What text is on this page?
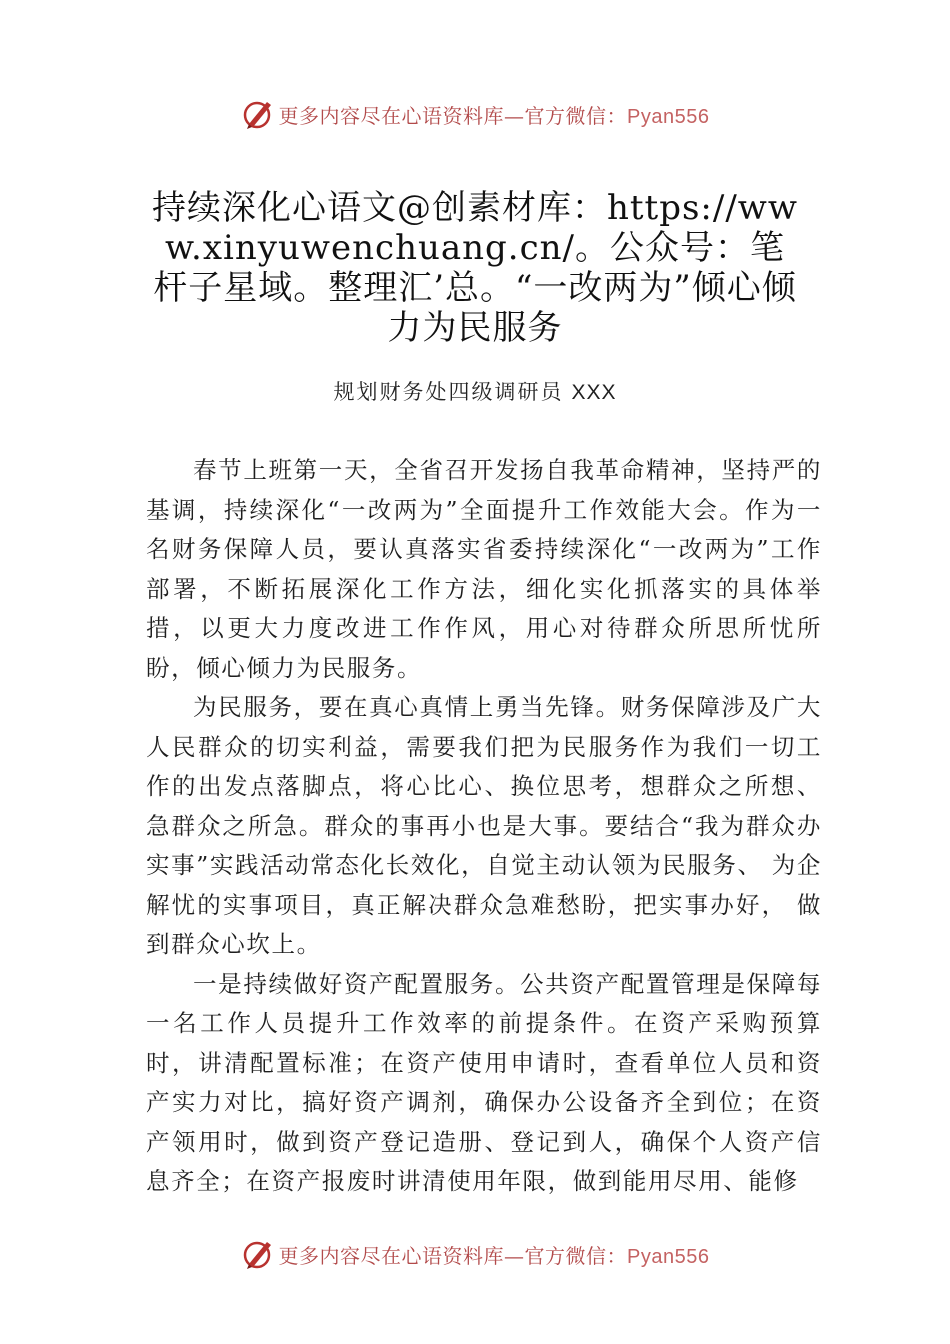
更多内容尽在心语资料库—官方微信：Pyan556
持续深化心语文@创素材库：https://www.xinyuwenchuang.cn/。公众号：笔杆子星域。整理汇’总。“一改两为”倾心倾力为民服务
规划财务处四级调研员 XXX

春节上班第一天，全省召开发扬自我革命精神，坚持严的基调，持续深化“一改两为”全面提升工作效能大会。作为一名财务保障人员，要认真落实省委持续深化“一改两为”工作部署，不断拓展深化工作方法，细化实化抓落实的具体举措，以更大力度改进工作作风，用心对待群众所思所忧所盼，倾心倾力为民服务。

为民服务，要在真心真情上勇当先锋。财务保障涉及广大人民群众的切实利益，需要我们把为民服务作为我们一切工作的出发点落脚点，将心比心、换位思考，想群众之所想、急群众之所急。群众的事再小也是大事。要结合“我为群众办实事”实践活动常态化长效化，自觉主动认领为民服务、 为企解忧的实事项目，真正解决群众急难愁盼，把实事办好， 做到群众心坎上。

一是持续做好资产配置服务。公共资产配置管理是保障每一名工作人员提升工作效率的前提条件。在资产采购预算时，讲清配置标准；在资产使用申请时，查看单位人员和资产实力对比，搞好资产调剂，确保办公设备齐全到位；在资产领用时，做到资产登记造册、登记到人，确保个人资产信息齐全；在资产报废时讲清使用年限，做到能用尽用、能修

更多内容尽在心语资料库—官方微信：Pyan556
